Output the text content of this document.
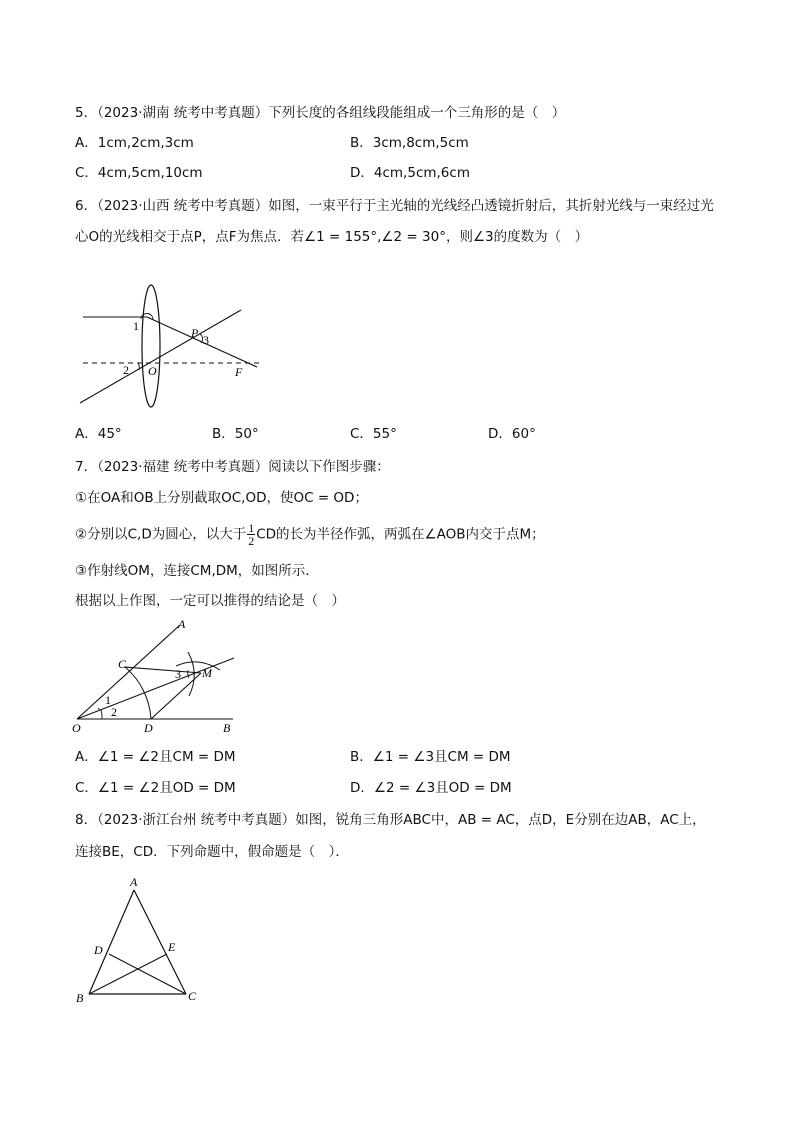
5．（2023·湖南 统考中考真题）下列长度的各组线段能组成一个三角形的是（　）
A．1cm,2cm,3cm	B．3cm,8cm,5cm
C．4cm,5cm,10cm	D．4cm,5cm,6cm
6．（2023·山西 统考中考真题）如图，一束平行于主光轴的光线经凸透镜折射后，其折射光线与一束经过光
心O的光线相交于点P，点F为焦点．若∠1 = 155°,∠2 = 30°，则∠3的度数为（　）
1
2
3
P
O	F
A．45°	B．50°	C．55°	D．60°
7．（2023·福建 统考中考真题）阅读以下作图步骤：
①在OA和OB上分别截取OC,OD，使OC = OD；
②分别以C,D为圆心，以大于 $\frac{1}{2}$ CD的长为半径作弧，两弧在∠AOB内交于点M；
③作射线OM，连接CM,DM，如图所示．
根据以上作图，一定可以推得的结论是（　）
A
C
M
3
1
2
O	D	B
A．∠1 = ∠2且CM = DM	B．∠1 = ∠3且CM = DM
C．∠1 = ∠2且OD = DM	D．∠2 = ∠3且OD = DM
8．（2023·浙江台州 统考中考真题）如图，锐角三角形ABC中，AB = AC，点D，E分别在边AB，AC上，
连接BE，CD．下列命题中，假命题是（　）．
A
D	E
B	C
